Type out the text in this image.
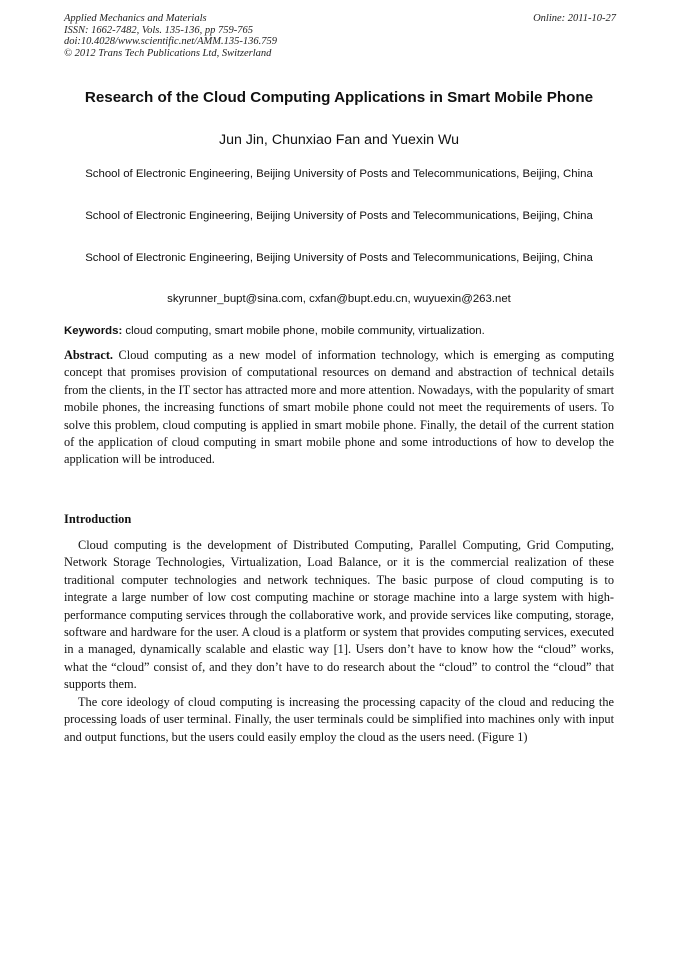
Applied Mechanics and Materials
ISSN: 1662-7482, Vols. 135-136, pp 759-765
doi:10.4028/www.scientific.net/AMM.135-136.759
© 2012 Trans Tech Publications Ltd, Switzerland
Online: 2011-10-27
Research of the Cloud Computing Applications in Smart Mobile Phone
Jun Jin, Chunxiao Fan and Yuexin Wu
School of Electronic Engineering, Beijing University of Posts and Telecommunications, Beijing, China
School of Electronic Engineering, Beijing University of Posts and Telecommunications, Beijing, China
School of Electronic Engineering, Beijing University of Posts and Telecommunications, Beijing, China
skyrunner_bupt@sina.com, cxfan@bupt.edu.cn, wuyuexin@263.net
Keywords: cloud computing, smart mobile phone, mobile community, virtualization.

Abstract. Cloud computing as a new model of information technology, which is emerging as computing concept that promises provision of computational resources on demand and abstraction of technical details from the clients, in the IT sector has attracted more and more attention. Nowadays, with the popularity of smart mobile phones, the increasing functions of smart mobile phone could not meet the requirements of users. To solve this problem, cloud computing is applied in smart mobile phone. Finally, the detail of the current station of the application of cloud computing in smart mobile phone and some introductions of how to develop the application will be introduced.

Introduction

Cloud computing is the development of Distributed Computing, Parallel Computing, Grid Computing, Network Storage Technologies, Virtualization, Load Balance, or it is the commercial realization of these traditional computer technologies and network techniques. The basic purpose of cloud computing is to integrate a large number of low cost computing machine or storage machine into a large system with high-performance computing services through the collaborative work, and provide services like computing, storage, software and hardware for the user. A cloud is a platform or system that provides computing services, executed in a managed, dynamically scalable and elastic way [1]. Users don’t have to know how the “cloud” works, what the “cloud” consist of, and they don’t have to do research about the “cloud” to control the “cloud” that supports them.

The core ideology of cloud computing is increasing the processing capacity of the cloud and reducing the processing loads of user terminal. Finally, the user terminals could be simplified into machines only with input and output functions, but the users could easily employ the cloud as the users need. (Figure 1)
